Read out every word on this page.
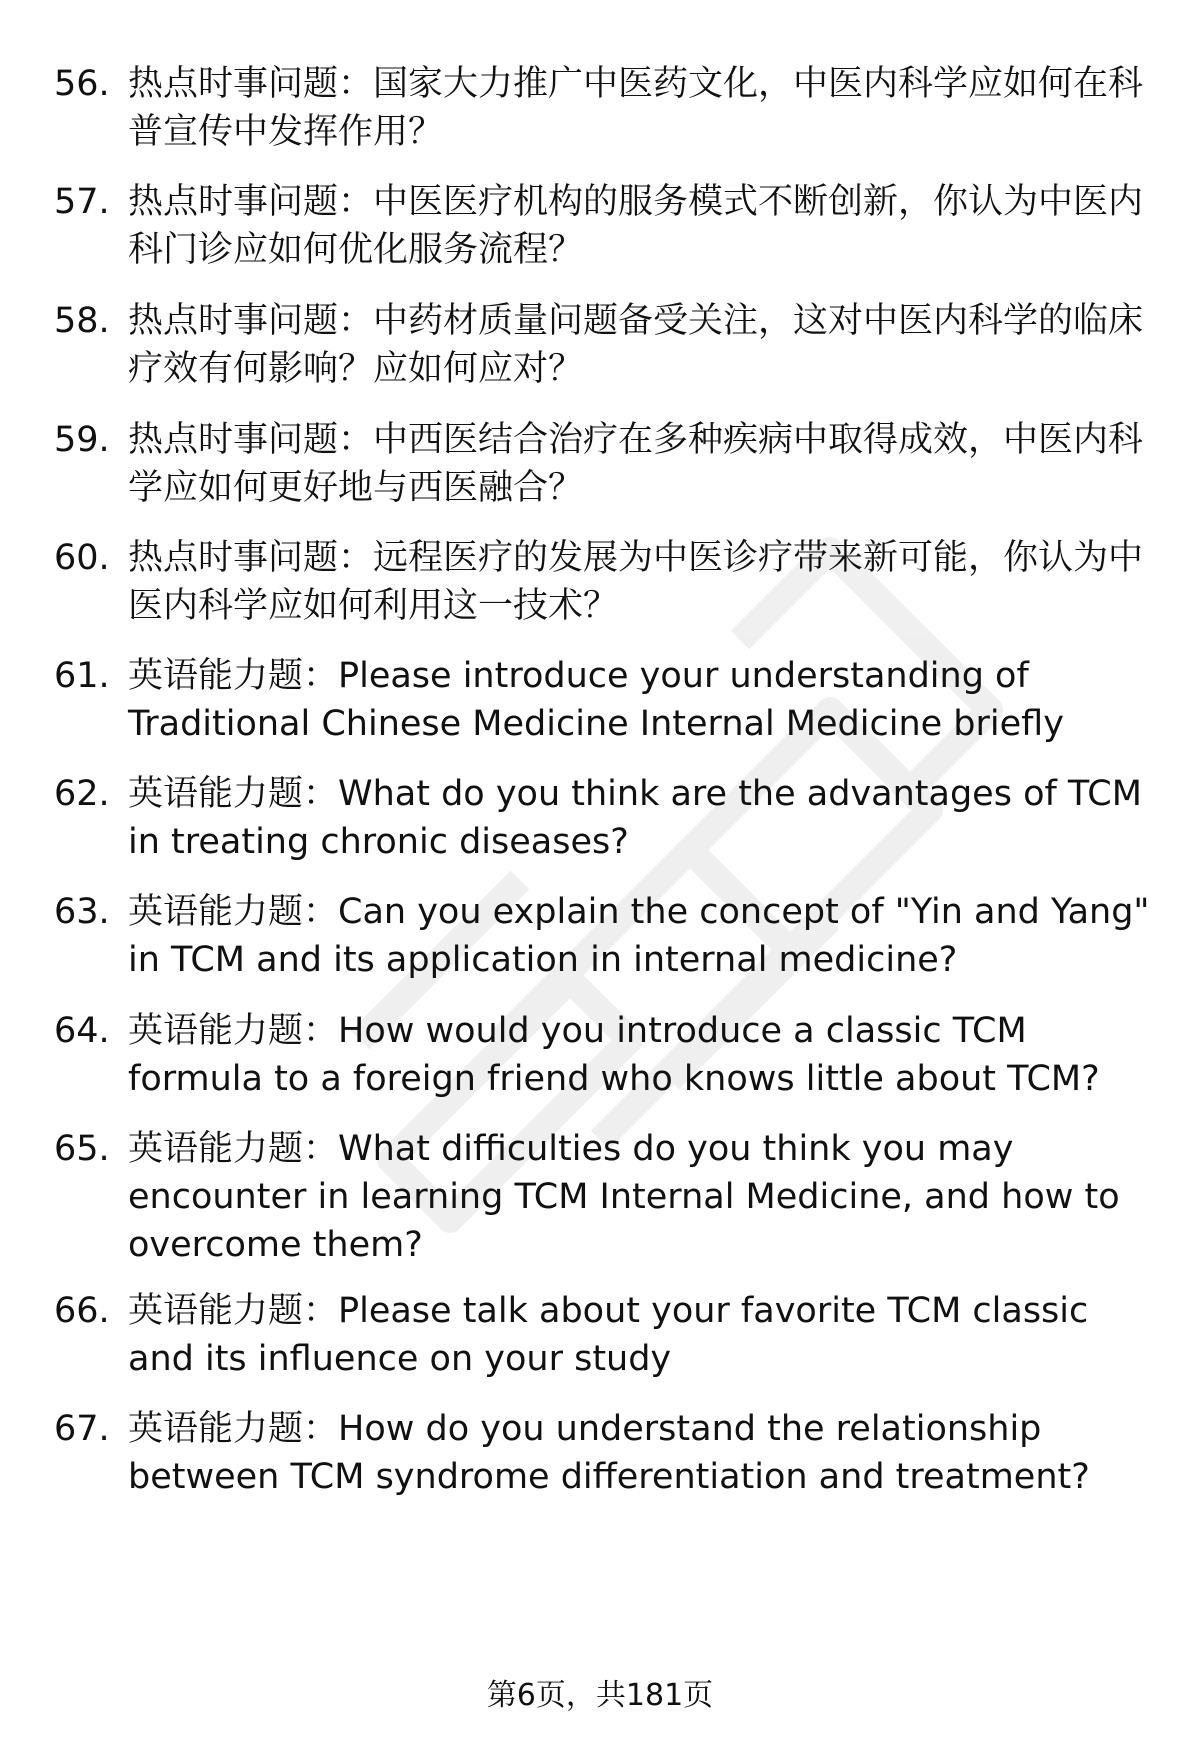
56. 热点时事问题：国家大力推广中医药文化，中医内科学应如何在科普宣传中发挥作用？
57. 热点时事问题：中医医疗机构的服务模式不断创新，你认为中医内科门诊应如何优化服务流程？
58. 热点时事问题：中药材质量问题备受关注，这对中医内科学的临床疗效有何影响？应如何应对？
59. 热点时事问题：中西医结合治疗在多种疾病中取得成效，中医内科学应如何更好地与西医融合？
60. 热点时事问题：远程医疗的发展为中医诊疗带来新可能，你认为中医内科学应如何利用这一技术？
61. 英语能力题：Please introduce your understanding of Traditional Chinese Medicine Internal Medicine briefly
62. 英语能力题：What do you think are the advantages of TCM in treating chronic diseases?
63. 英语能力题：Can you explain the concept of "Yin and Yang" in TCM and its application in internal medicine?
64. 英语能力题：How would you introduce a classic TCM formula to a foreign friend who knows little about TCM?
65. 英语能力题：What difficulties do you think you may encounter in learning TCM Internal Medicine, and how to overcome them?
66. 英语能力题：Please talk about your favorite TCM classic and its influence on your study
67. 英语能力题：How do you understand the relationship between TCM syndrome differentiation and treatment?
第6页，共181页
